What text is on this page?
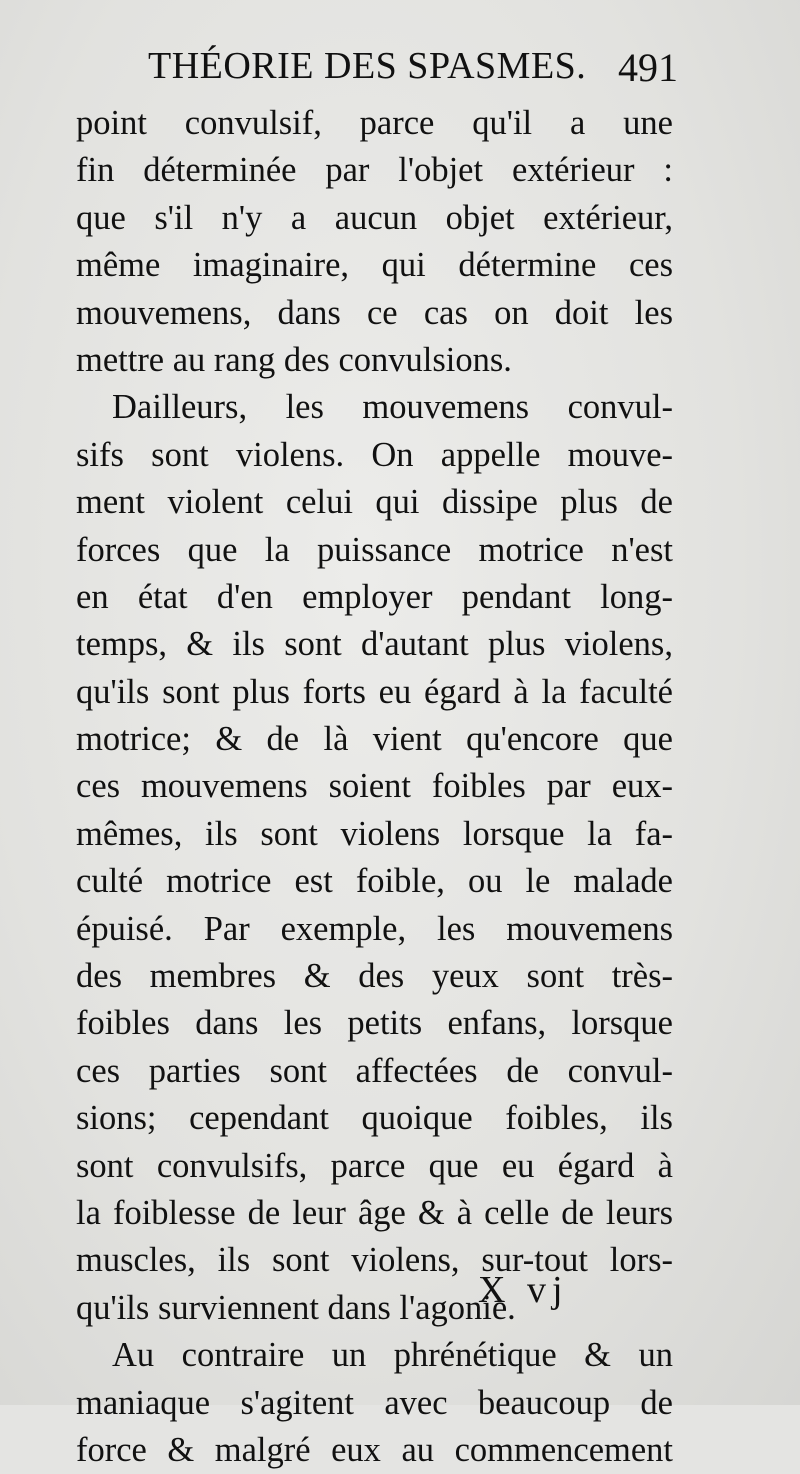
THÉORIE DES SPASMES. 491
point convulsif, parce qu'il a une
fin déterminée par l'objet extérieur :
que s'il n'y a aucun objet extérieur,
même imaginaire, qui détermine ces
mouvemens, dans ce cas on doit les
mettre au rang des convulsions.
Dailleurs, les mouvemens convul-
sifs sont violens. On appelle mouve-
ment violent celui qui dissipe plus de
forces que la puissance motrice n'est
en état d'en employer pendant long-
temps, & ils sont d'autant plus violens,
qu'ils sont plus forts eu égard à la faculté
motrice; & de là vient qu'encore que
ces mouvemens soient foibles par eux-
mêmes, ils sont violens lorsque la fa-
culté motrice est foible, ou le malade
épuisé. Par exemple, les mouvemens
des membres & des yeux sont très-
foibles dans les petits enfans, lorsque
ces parties sont affectées de convul-
sions; cependant quoique foibles, ils
sont convulsifs, parce que eu égard à
la foiblesse de leur âge & à celle de leurs
muscles, ils sont violens, sur-tout lors-
qu'ils surviennent dans l'agonie.
Au contraire un phrénétique & un
maniaque s'agitent avec beaucoup de
force & malgré eux au commencement
X vj
